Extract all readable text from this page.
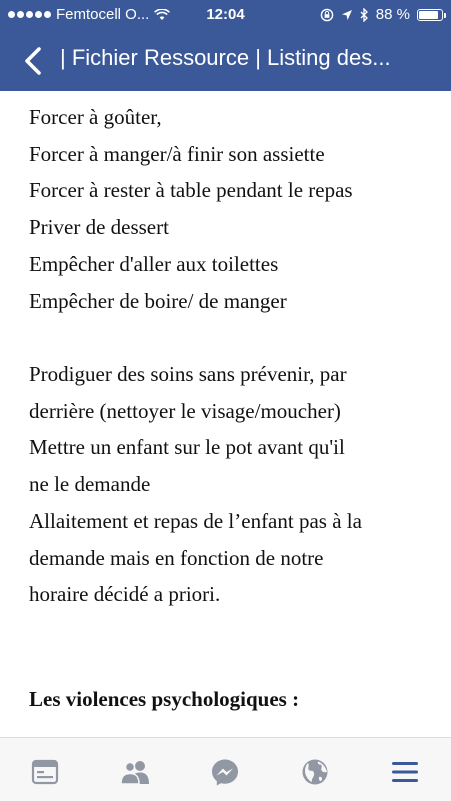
Femtocell O...	12:04	88 %
| Fichier Ressource | Listing des...
Forcer à goûter,
Forcer à manger/à finir son assiette
Forcer à rester à table pendant le repas
Priver de dessert
Empêcher d'aller aux toilettes
Empêcher de boire/ de manger
Prodiguer des soins sans prévenir, par
derrière (nettoyer le visage/moucher)
Mettre un enfant sur le pot avant qu'il
ne le demande
Allaitement et repas de l’enfant pas à la
demande mais en fonction de notre
horaire décidé a priori.
Les violences psychologiques :
